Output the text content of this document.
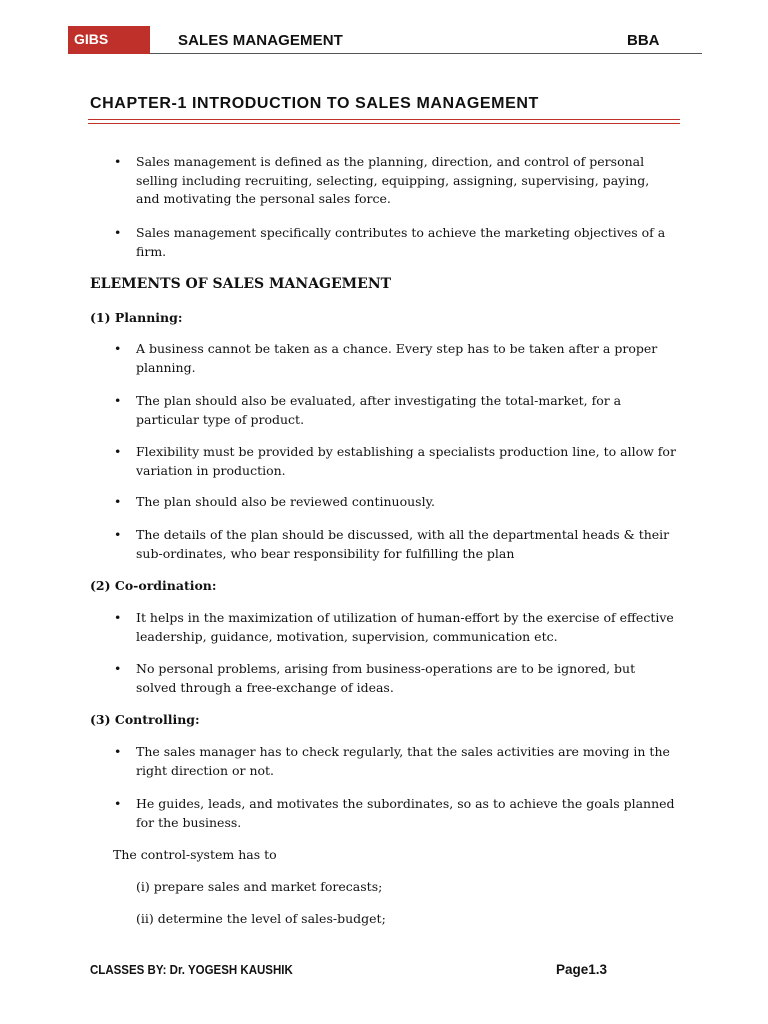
GIBS	SALES MANAGEMENT	BBA
CHAPTER-1 INTRODUCTION TO SALES MANAGEMENT
• Sales management is defined as the planning, direction, and control of personal selling including recruiting, selecting, equipping, assigning, supervising, paying, and motivating the personal sales force.
• Sales management specifically contributes to achieve the marketing objectives of a firm.
ELEMENTS OF SALES MANAGEMENT
(1) Planning:
• A business cannot be taken as a chance. Every step has to be taken after a proper planning.
• The plan should also be evaluated, after investigating the total-market, for a particular type of product.
• Flexibility must be provided by establishing a specialists production line, to allow for variation in production.
• The plan should also be reviewed continuously.
• The details of the plan should be discussed, with all the departmental heads & their sub-ordinates, who bear responsibility for fulfilling the plan
(2) Co-ordination:
• It helps in the maximization of utilization of human-effort by the exercise of effective leadership, guidance, motivation, supervision, communication etc.
• No personal problems, arising from business-operations are to be ignored, but solved through a free-exchange of ideas.
(3) Controlling:
• The sales manager has to check regularly, that the sales activities are moving in the right direction or not.
• He guides, leads, and motivates the subordinates, so as to achieve the goals planned for the business.
The control-system has to
(i) prepare sales and market forecasts;
(ii) determine the level of sales-budget;
CLASSES BY: Dr. YOGESH KAUSHIK	Page1.3
